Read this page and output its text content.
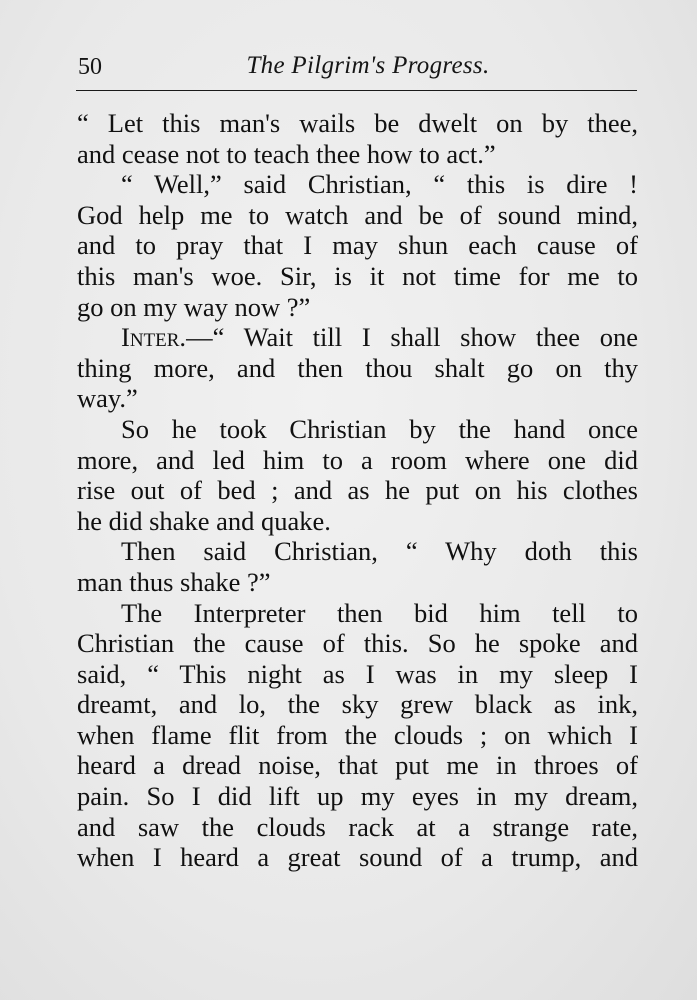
50	The Pilgrim's Progress.
“ Let this man's wails be dwelt on by thee,
and cease not to teach thee how to act.”
“ Well,” said Christian, “ this is dire !
God help me to watch and be of sound mind,
and to pray that I may shun each cause of
this man's woe. Sir, is it not time for me to
go on my way now ?”
Inter.—“ Wait till I shall show thee one
thing more, and then thou shalt go on thy
way.”
So he took Christian by the hand once
more, and led him to a room where one did
rise out of bed ; and as he put on his clothes
he did shake and quake.
Then said Christian, “ Why doth this
man thus shake ?”
The Interpreter then bid him tell to
Christian the cause of this. So he spoke and
said, “ This night as I was in my sleep I
dreamt, and lo, the sky grew black as ink,
when flame flit from the clouds ; on which I
heard a dread noise, that put me in throes of
pain. So I did lift up my eyes in my dream,
and saw the clouds rack at a strange rate,
when I heard a great sound of a trump, and
